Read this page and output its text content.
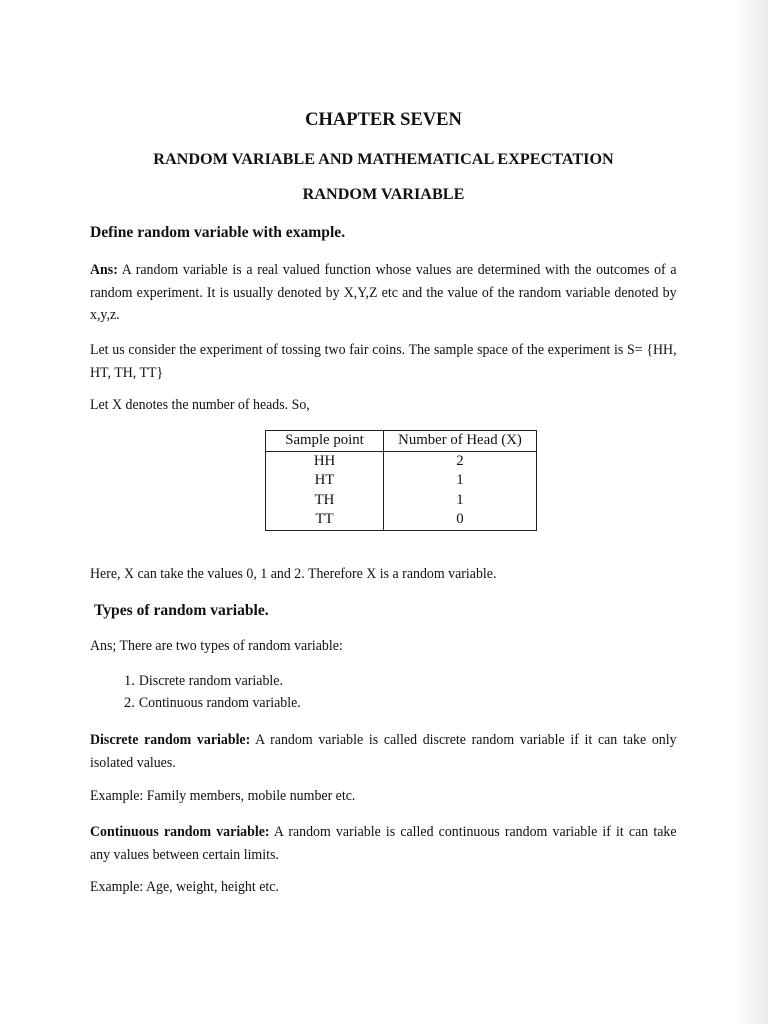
CHAPTER SEVEN
RANDOM VARIABLE AND MATHEMATICAL EXPECTATION
RANDOM VARIABLE
Define random variable with example.

Ans: A random variable is a real valued function whose values are determined with the outcomes of a random experiment. It is usually denoted by X,Y,Z etc and the value of the random variable denoted by x,y,z.

Let us consider the experiment of tossing two fair coins. The sample space of the experiment is S= {HH, HT, TH, TT}

Let X denotes the number of heads. So,

Sample point	Number of Head (X)
HH	2
HT	1
TH	1
TT	0

Here, X can take the values 0, 1 and 2. Therefore X is a random variable.

Types of random variable.

Ans; There are two types of random variable:

1. Discrete random variable.
2. Continuous random variable.

Discrete random variable: A random variable is called discrete random variable if it can take only isolated values.

Example: Family members, mobile number etc.

Continuous random variable: A random variable is called continuous random variable if it can take any values between certain limits.

Example: Age, weight, height etc.
